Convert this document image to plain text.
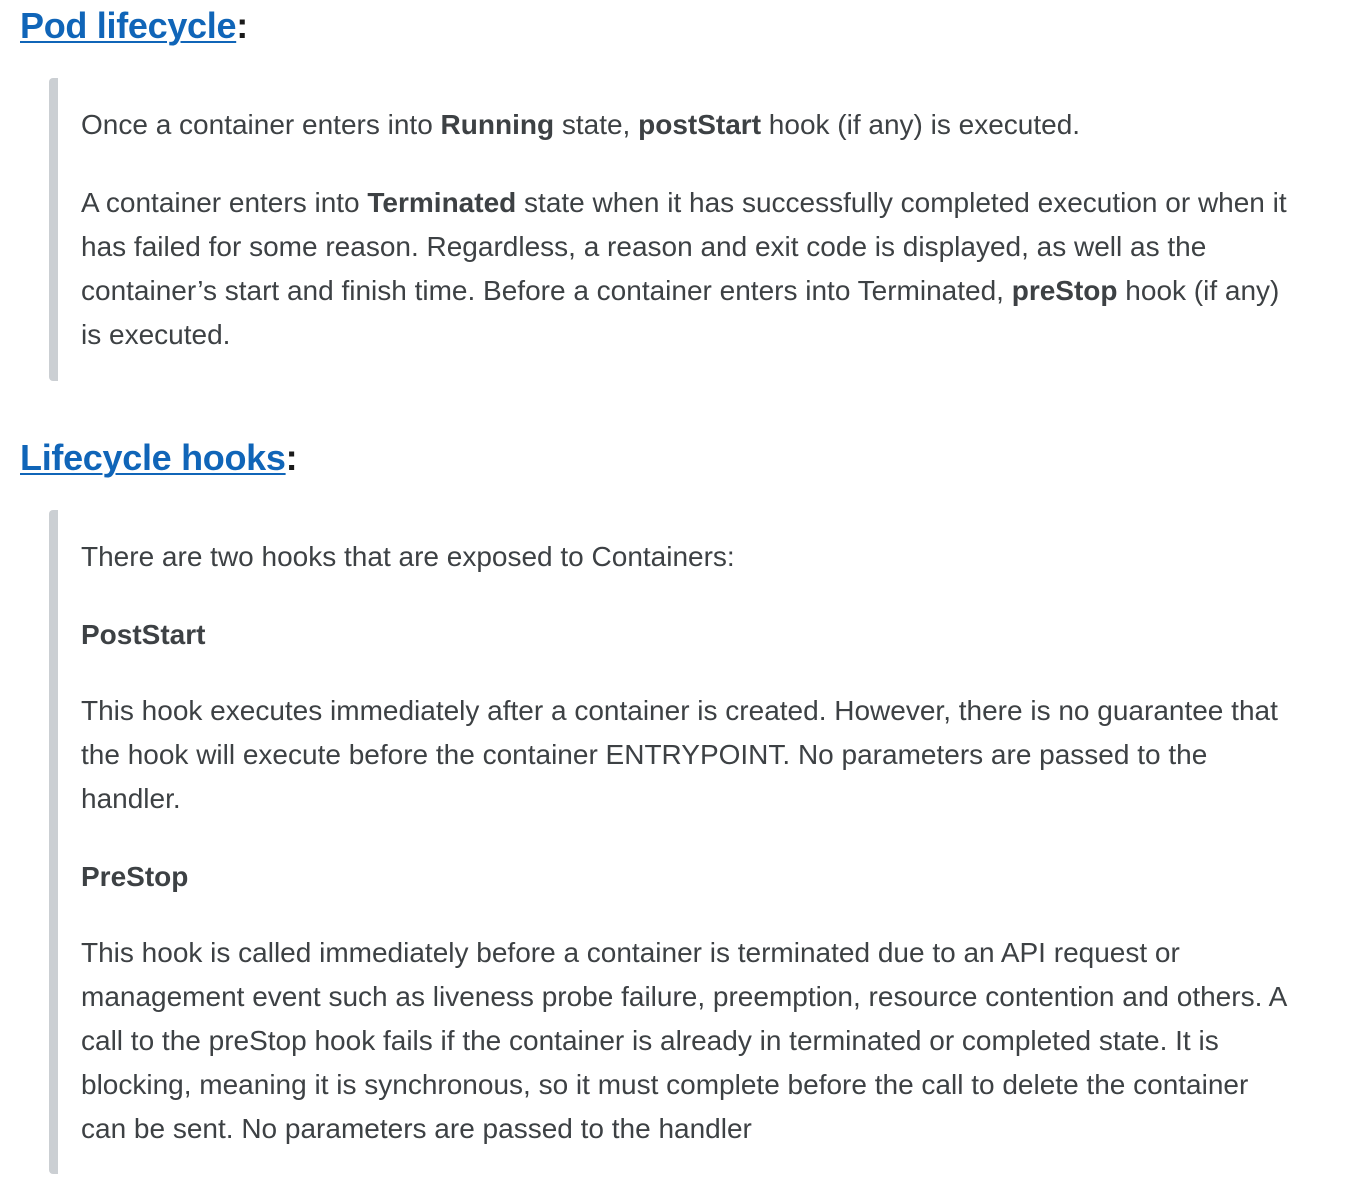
Pod lifecycle:

Once a container enters into Running state, postStart hook (if any) is executed.

A container enters into Terminated state when it has successfully completed execution or when it has failed for some reason. Regardless, a reason and exit code is displayed, as well as the container’s start and finish time. Before a container enters into Terminated, preStop hook (if any) is executed.

Lifecycle hooks:

There are two hooks that are exposed to Containers:

PostStart

This hook executes immediately after a container is created. However, there is no guarantee that the hook will execute before the container ENTRYPOINT. No parameters are passed to the handler.

PreStop

This hook is called immediately before a container is terminated due to an API request or management event such as liveness probe failure, preemption, resource contention and others. A call to the preStop hook fails if the container is already in terminated or completed state. It is blocking, meaning it is synchronous, so it must complete before the call to delete the container can be sent. No parameters are passed to the handler
